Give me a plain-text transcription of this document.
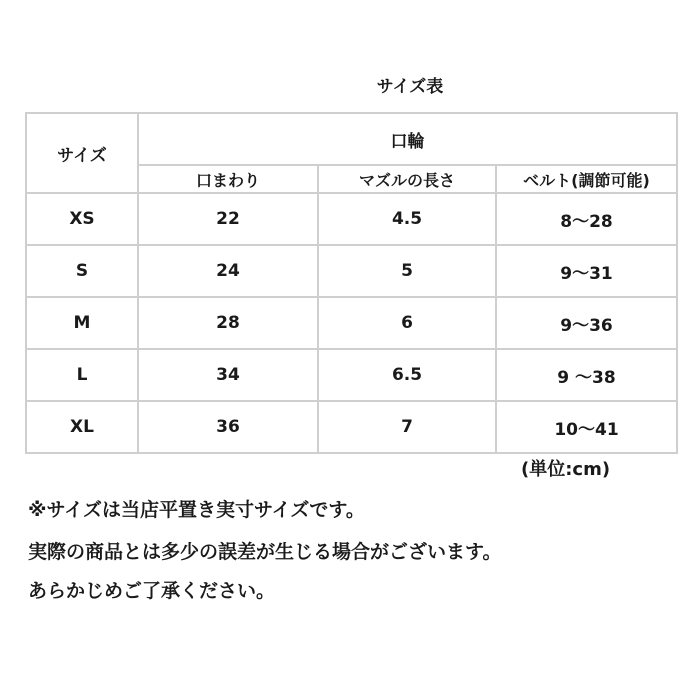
サイズ表
サイズ	口輪		
	口まわり	マズルの長さ	ベルト(調節可能)
XS	22	4.5	8〜28
S	24	5	9〜31
M	28	6	9〜36
L	34	6.5	9 〜38
XL	36	7	10〜41
(単位:cm)
※サイズは当店平置き実寸サイズです。
実際の商品とは多少の誤差が生じる場合がございます。
あらかじめご了承ください。
